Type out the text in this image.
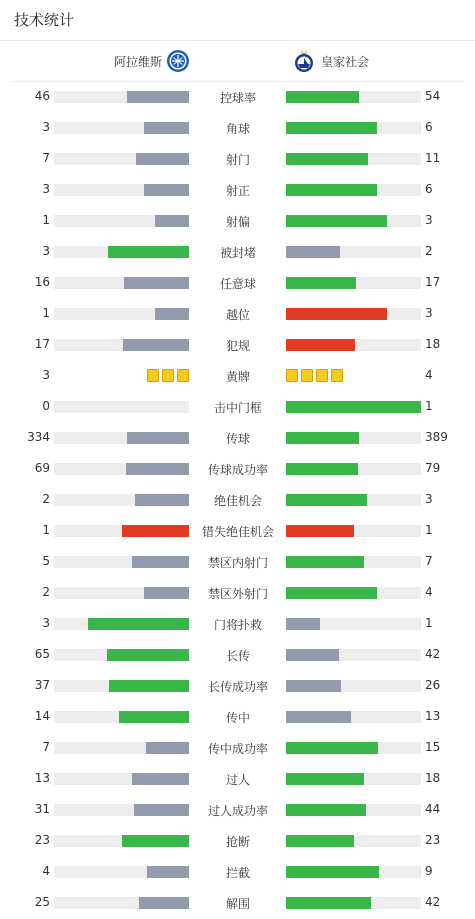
技术统计
阿拉维斯	皇家社会
46	控球率	54
3	角球	6
7	射门	11
3	射正	6
1	射偏	3
3	被封堵	2
16	任意球	17
1	越位	3
17	犯规	18
3	黄牌	4
0	击中门框	1
334	传球	389
69	传球成功率	79
2	绝佳机会	3
1	错失绝佳机会	1
5	禁区内射门	7
2	禁区外射门	4
3	门将扑救	1
65	长传	42
37	长传成功率	26
14	传中	13
7	传中成功率	15
13	过人	18
31	过人成功率	44
23	抢断	23
4	拦截	9
25	解围	42
